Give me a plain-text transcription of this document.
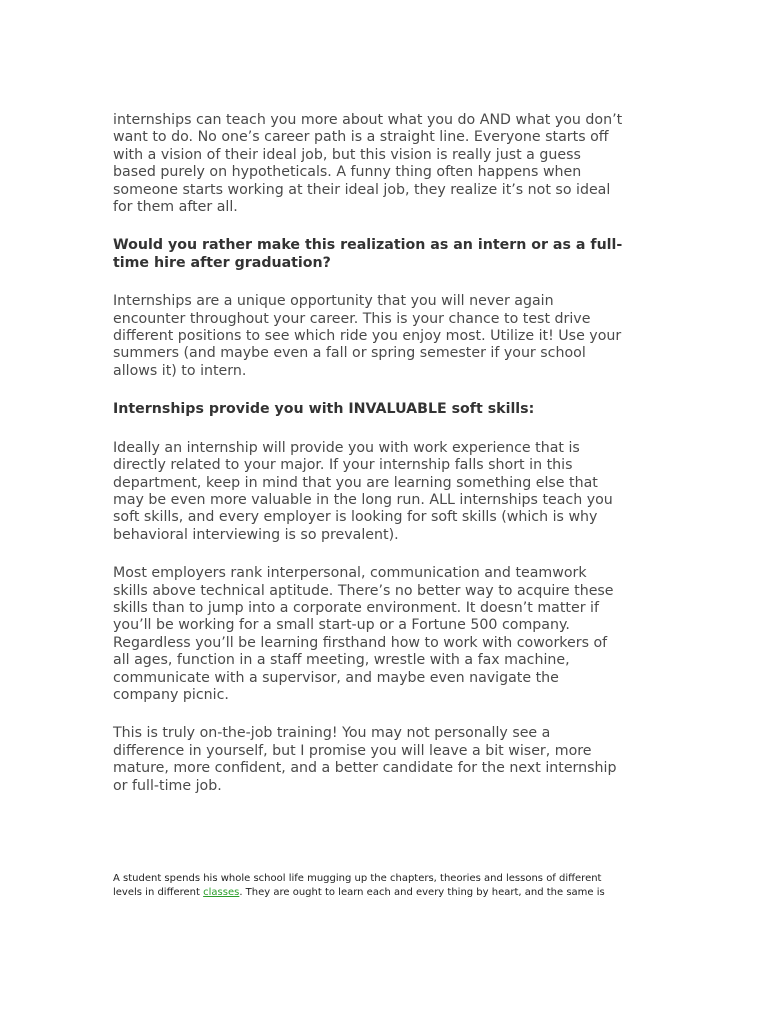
internships can teach you more about what you do AND what you don’t
want to do. No one’s career path is a straight line. Everyone starts off
with a vision of their ideal job, but this vision is really just a guess
based purely on hypotheticals. A funny thing often happens when
someone starts working at their ideal job, they realize it’s not so ideal
for them after all.

Would you rather make this realization as an intern or as a full-
time hire after graduation?

Internships are a unique opportunity that you will never again
encounter throughout your career. This is your chance to test drive
different positions to see which ride you enjoy most. Utilize it! Use your
summers (and maybe even a fall or spring semester if your school
allows it) to intern.

Internships provide you with INVALUABLE soft skills:

Ideally an internship will provide you with work experience that is
directly related to your major. If your internship falls short in this
department, keep in mind that you are learning something else that
may be even more valuable in the long run. ALL internships teach you
soft skills, and every employer is looking for soft skills (which is why
behavioral interviewing is so prevalent).

Most employers rank interpersonal, communication and teamwork
skills above technical aptitude. There’s no better way to acquire these
skills than to jump into a corporate environment. It doesn’t matter if
you’ll be working for a small start-up or a Fortune 500 company.
Regardless you’ll be learning firsthand how to work with coworkers of
all ages, function in a staff meeting, wrestle with a fax machine,
communicate with a supervisor, and maybe even navigate the
company picnic.

This is truly on-the-job training! You may not personally see a
difference in yourself, but I promise you will leave a bit wiser, more
mature, more confident, and a better candidate for the next internship
or full-time job.

A student spends his whole school life mugging up the chapters, theories and lessons of different
levels in different classes. They are ought to learn each and every thing by heart, and the same is
